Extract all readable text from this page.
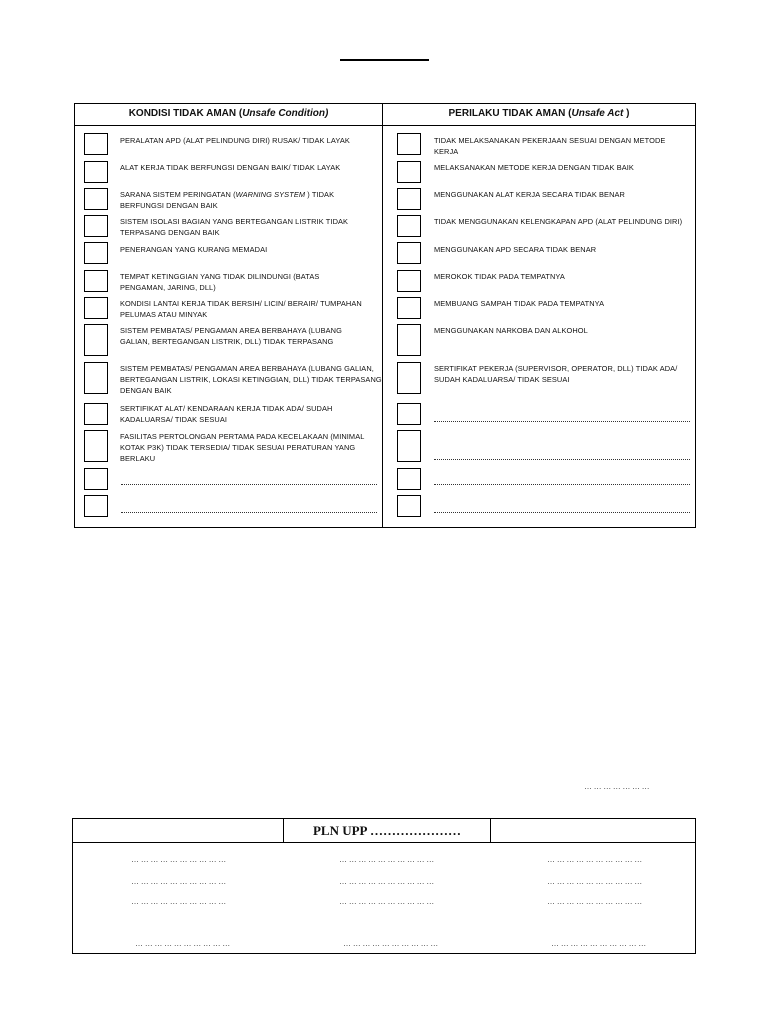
KONDISI TIDAK AMAN (Unsafe Condition)	PERILAKU TIDAK AMAN (Unsafe Act )
PERALATAN APD (ALAT PELINDUNG DIRI) RUSAK/ TIDAK LAYAK
ALAT KERJA TIDAK BERFUNGSI DENGAN BAIK/ TIDAK LAYAK
SARANA SISTEM PERINGATAN (WARNING SYSTEM ) TIDAK BERFUNGSI DENGAN BAIK
SISTEM ISOLASI BAGIAN YANG BERTEGANGAN LISTRIK TIDAK TERPASANG DENGAN BAIK
PENERANGAN YANG KURANG MEMADAI
TEMPAT KETINGGIAN YANG TIDAK DILINDUNGI (BATAS PENGAMAN, JARING, DLL)
KONDISI LANTAI KERJA TIDAK BERSIH/ LICIN/ BERAIR/ TUMPAHAN PELUMAS ATAU MINYAK
SISTEM PEMBATAS/ PENGAMAN AREA BERBAHAYA (LUBANG GALIAN, BERTEGANGAN LISTRIK, DLL) TIDAK TERPASANG
SISTEM PEMBATAS/ PENGAMAN AREA BERBAHAYA (LUBANG GALIAN, BERTEGANGAN LISTRIK, LOKASI KETINGGIAN, DLL) TIDAK TERPASANG DENGAN BAIK
SERTIFIKAT ALAT/ KENDARAAN KERJA TIDAK ADA/ SUDAH KADALUARSA/ TIDAK SESUAI
FASILITAS PERTOLONGAN PERTAMA PADA KECELAKAAN (MINIMAL KOTAK P3K) TIDAK TERSEDIA/ TIDAK SESUAI PERATURAN YANG BERLAKU
TIDAK MELAKSANAKAN PEKERJAAN SESUAI DENGAN METODE KERJA
MELAKSANAKAN METODE KERJA DENGAN TIDAK BAIK
MENGGUNAKAN ALAT KERJA SECARA TIDAK BENAR
TIDAK MENGGUNAKAN KELENGKAPAN APD (ALAT PELINDUNG DIRI)
MENGGUNAKAN APD SECARA TIDAK BENAR
MEROKOK TIDAK PADA TEMPATNYA
MEMBUANG SAMPAH TIDAK PADA TEMPATNYA
MENGGUNAKAN NARKOBA DAN ALKOHOL
SERTIFIKAT PEKERJA (SUPERVISOR, OPERATOR, DLL) TIDAK ADA/ SUDAH KADALUARSA/ TIDAK SESUAI
…………………
PLN UPP …………………
…………………………
…………………………
…………………………
…………………………
…………………………
…………………………
…………………………
…………………………
…………………………
…………………………
…………………………
…………………………
